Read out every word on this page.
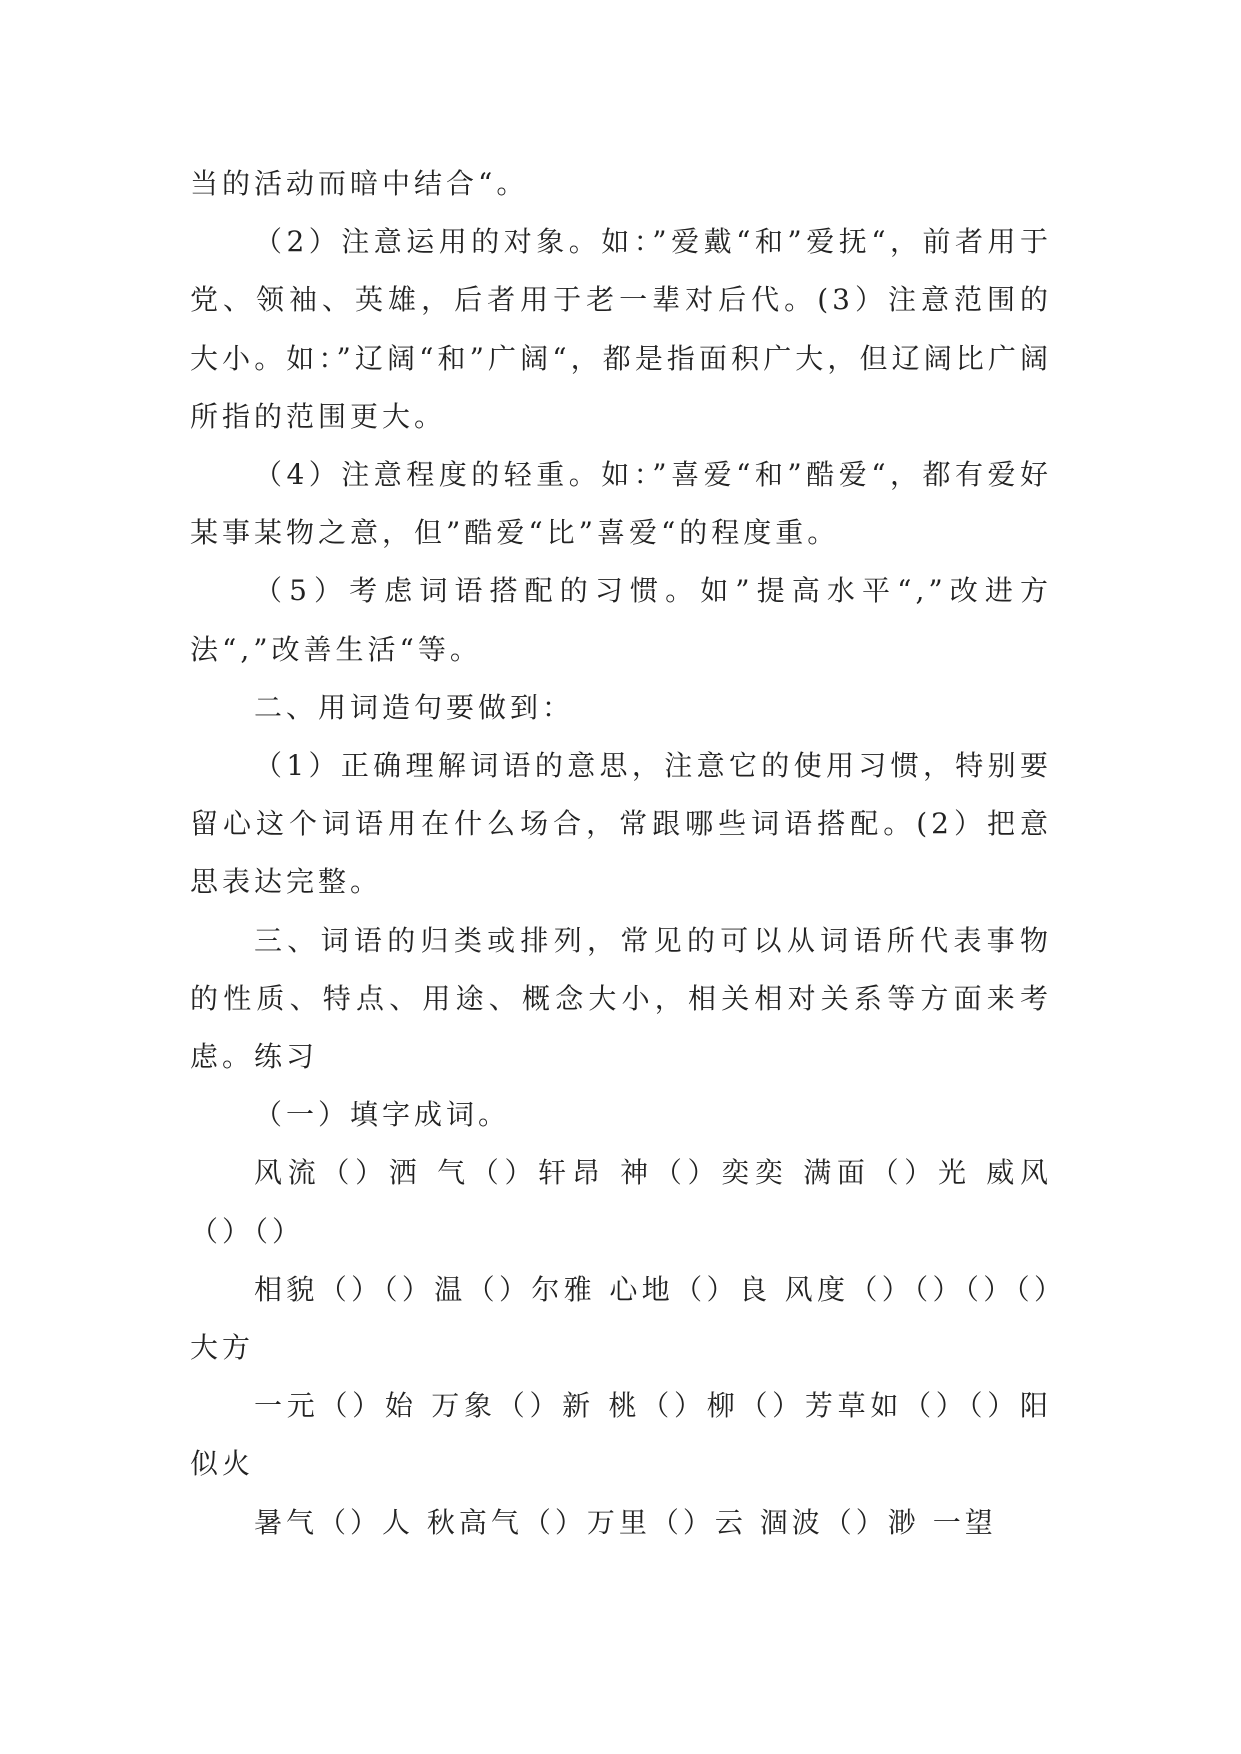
当的活动而暗中结合“。

（2）注意运用的对象。如：”爱戴“和”爱抚“，前者用于党、领袖、英雄，后者用于老一辈对后代。(3）注意范围的大小。如：”辽阔“和”广阔“，都是指面积广大，但辽阔比广阔所指的范围更大。

（4）注意程度的轻重。如：”喜爱“和”酷爱“，都有爱好某事某物之意，但”酷爱“比”喜爱“的程度重。

（5）考虑词语搭配的习惯。如”提高水平“,”改进方法“,”改善生活“等。

二、用词造句要做到：

（1）正确理解词语的意思，注意它的使用习惯，特别要留心这个词语用在什么场合，常跟哪些词语搭配。(2）把意思表达完整。

三、词语的归类或排列，常见的可以从词语所代表事物的性质、特点、用途、概念大小，相关相对关系等方面来考虑。练习

（一）填字成词。

风流（）洒 气（）轩昂 神（）奕奕 满面（）光 威风（）（）

相貌（）（）温（）尔雅 心地（）良 风度（）（）（）（）大方

一元（）始 万象（）新 桃（）柳（）芳草如（）（）阳似火

暑气（）人 秋高气（）万里（）云 涸波（）渺 一望
